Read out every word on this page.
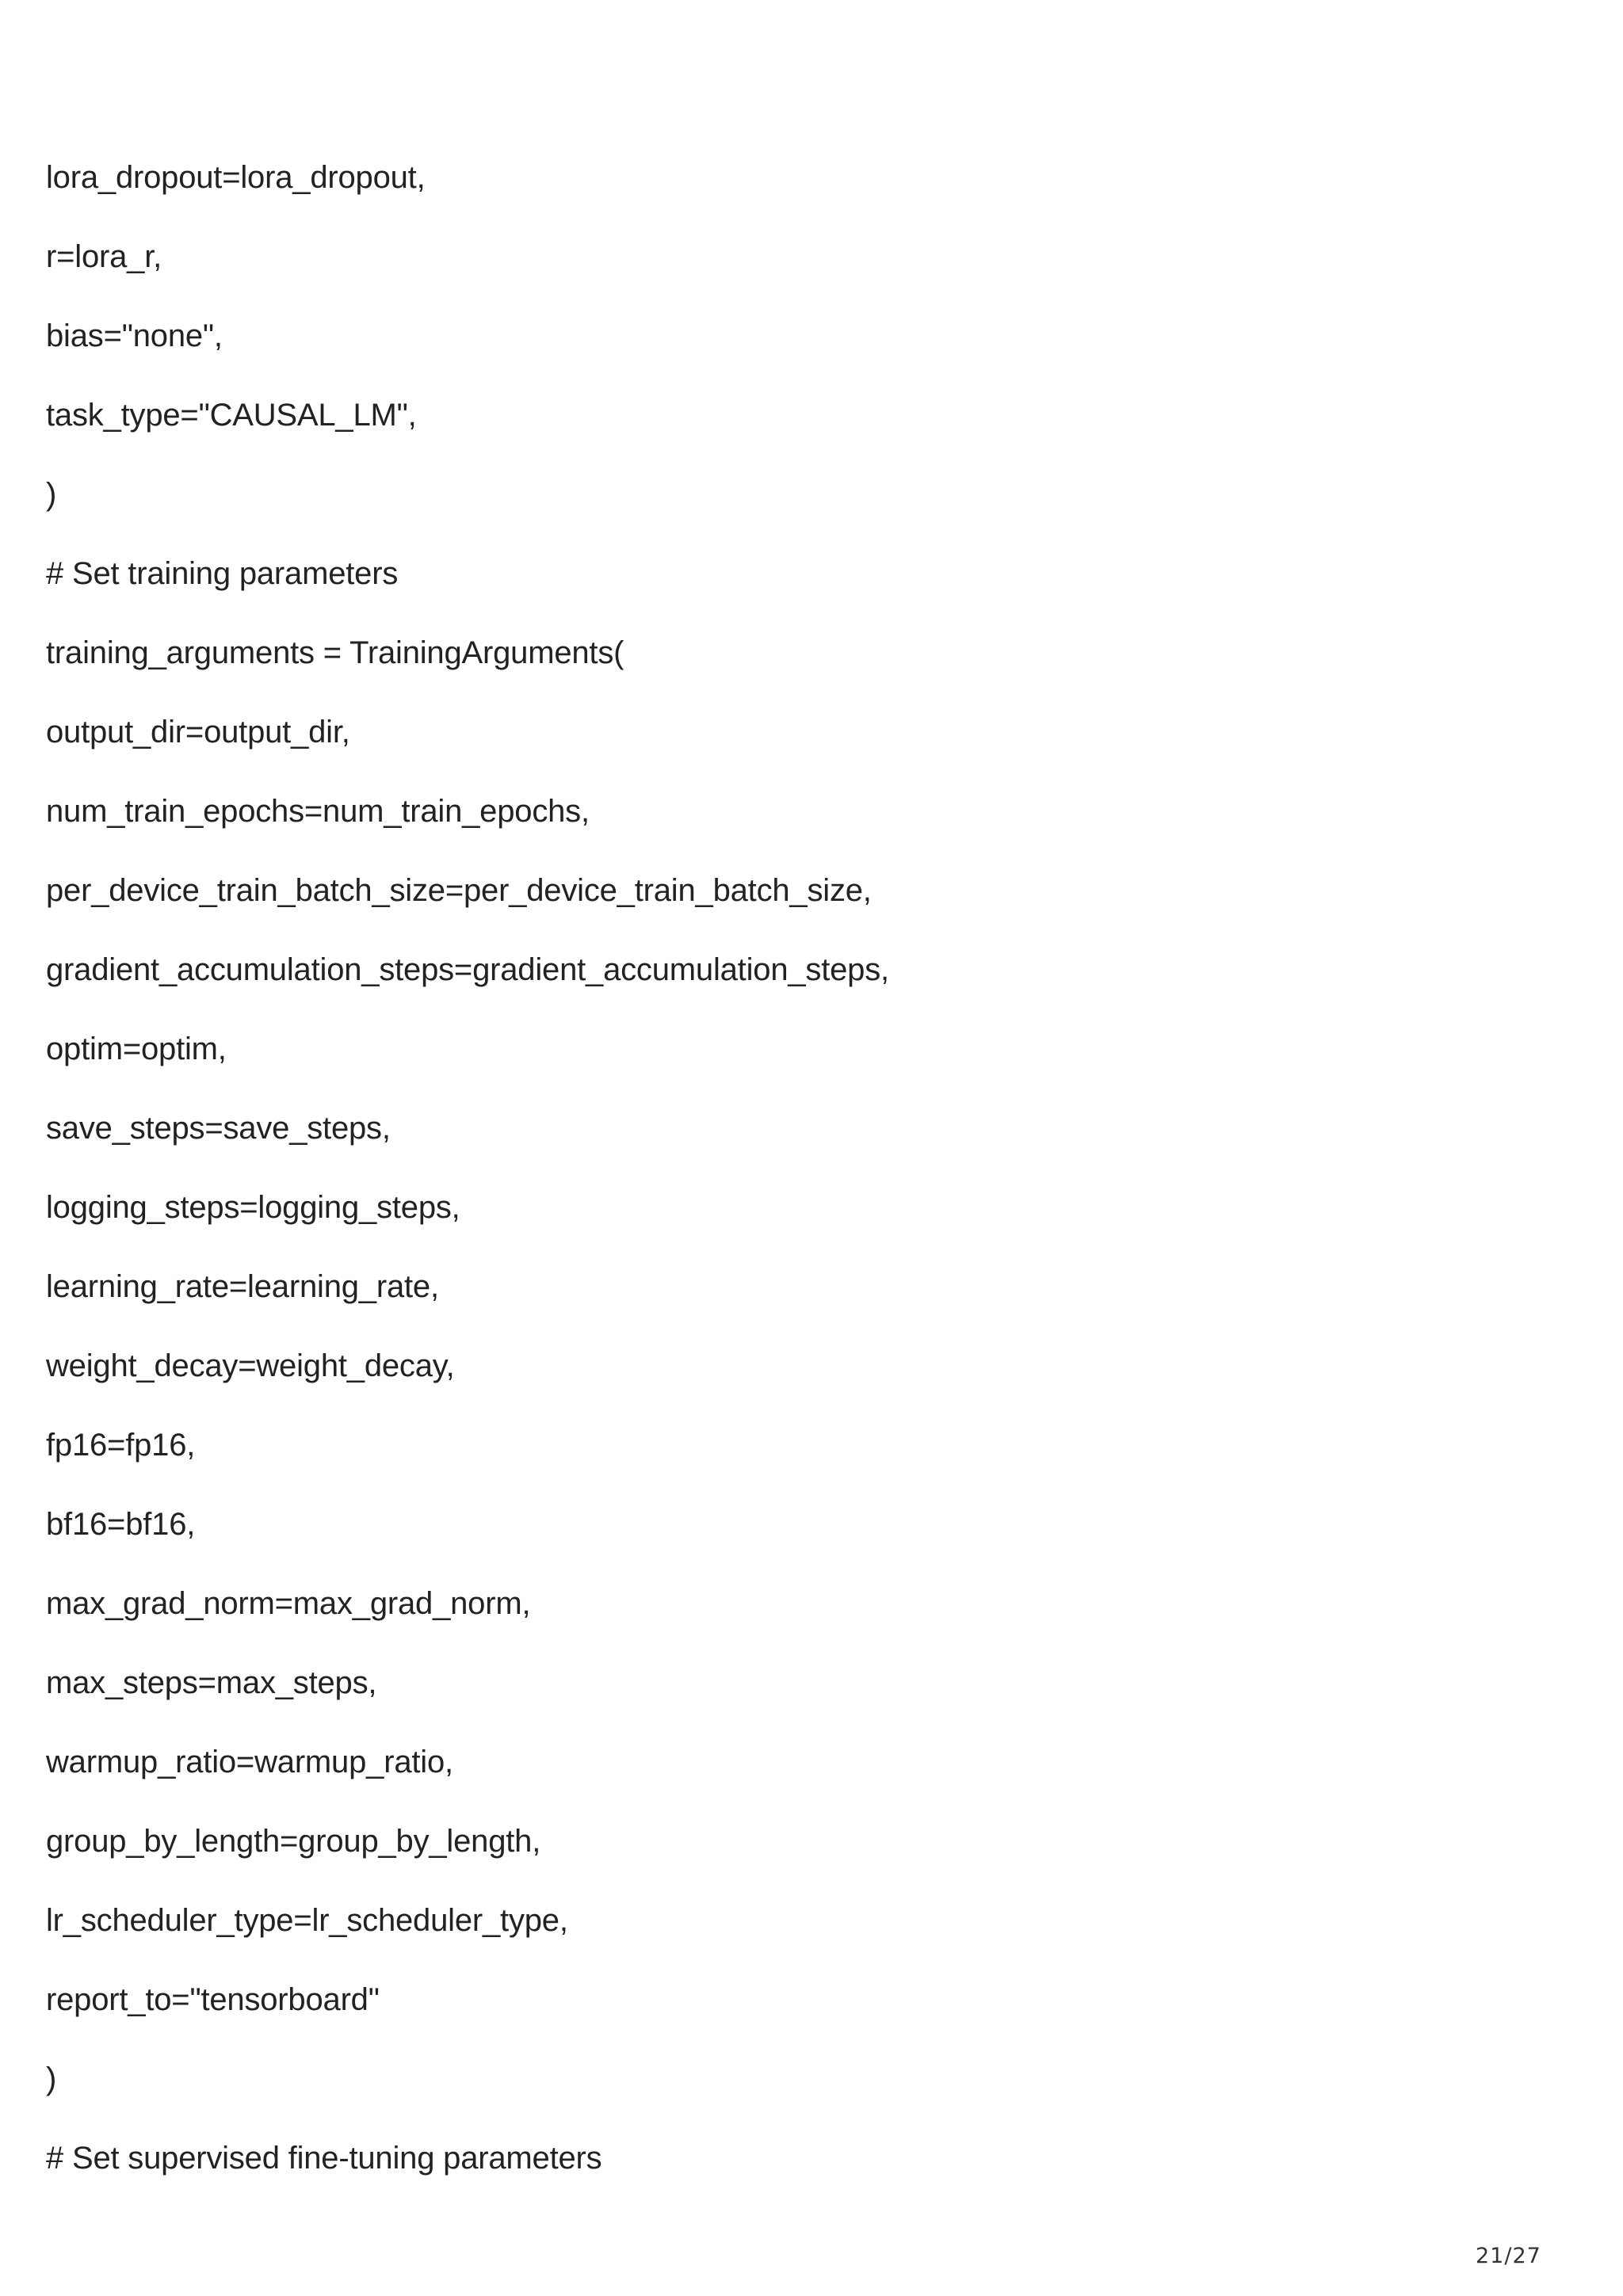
lora_dropout=lora_dropout,
r=lora_r,
bias="none",
task_type="CAUSAL_LM",
)
# Set training parameters
training_arguments = TrainingArguments(
output_dir=output_dir,
num_train_epochs=num_train_epochs,
per_device_train_batch_size=per_device_train_batch_size,
gradient_accumulation_steps=gradient_accumulation_steps,
optim=optim,
save_steps=save_steps,
logging_steps=logging_steps,
learning_rate=learning_rate,
weight_decay=weight_decay,
fp16=fp16,
bf16=bf16,
max_grad_norm=max_grad_norm,
max_steps=max_steps,
warmup_ratio=warmup_ratio,
group_by_length=group_by_length,
lr_scheduler_type=lr_scheduler_type,
report_to="tensorboard"
)
# Set supervised fine-tuning parameters
21/27
